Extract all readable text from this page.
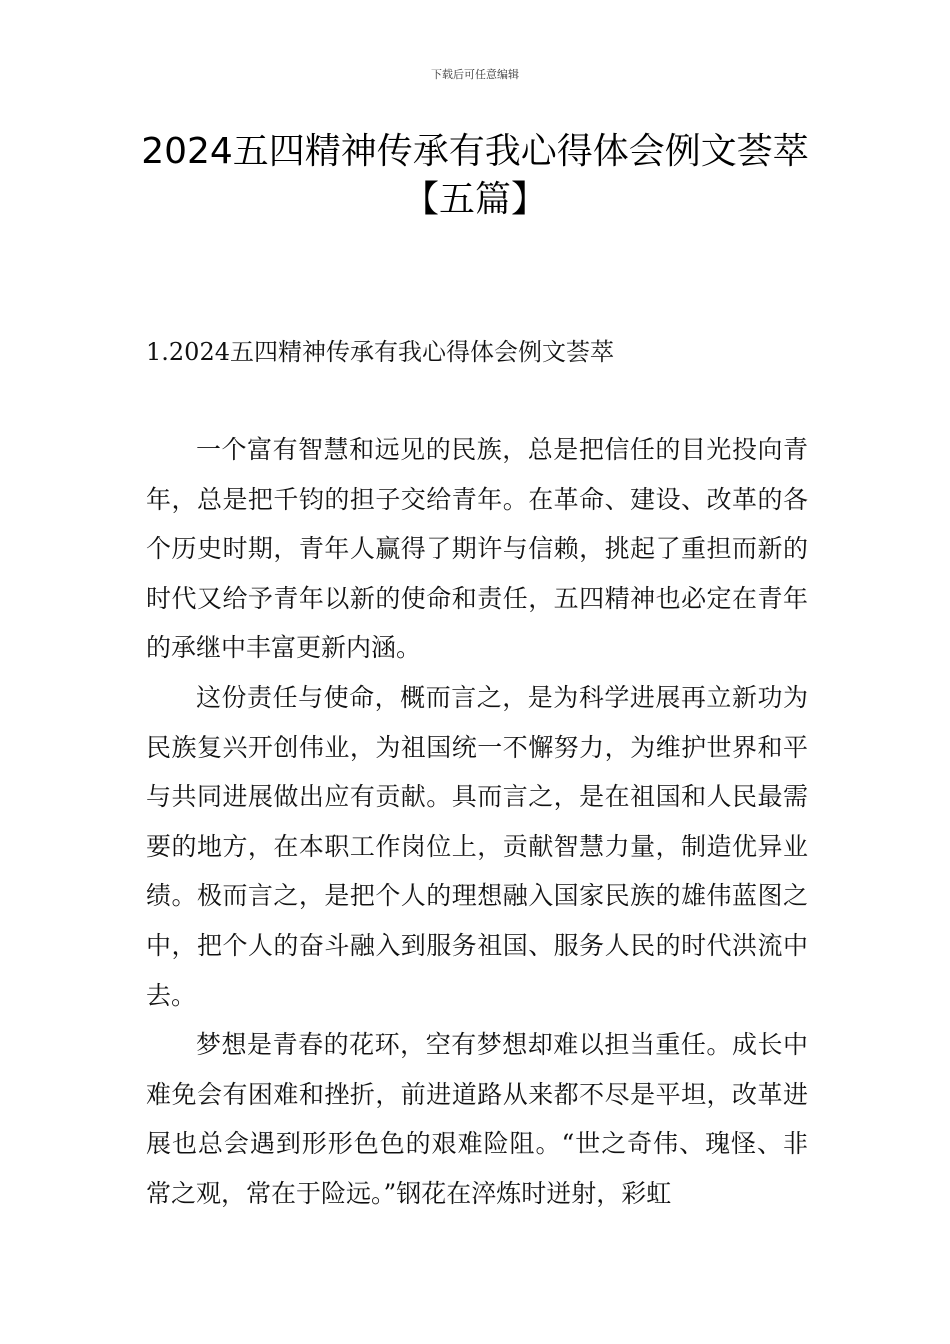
下载后可任意编辑
2024五四精神传承有我心得体会例文荟萃
【五篇】
1.2024五四精神传承有我心得体会例文荟萃

一个富有智慧和远见的民族，总是把信任的目光投向青年，总是把千钧的担子交给青年。在革命、建设、改革的各个历史时期，青年人赢得了期许与信赖，挑起了重担而新的时代又给予青年以新的使命和责任，五四精神也必定在青年的承继中丰富更新内涵。

这份责任与使命，概而言之，是为科学进展再立新功为民族复兴开创伟业，为祖国统一不懈努力，为维护世界和平与共同进展做出应有贡献。具而言之，是在祖国和人民最需要的地方，在本职工作岗位上，贡献智慧力量，制造优异业绩。极而言之，是把个人的理想融入国家民族的雄伟蓝图之中，把个人的奋斗融入到服务祖国、服务人民的时代洪流中去。

梦想是青春的花环，空有梦想却难以担当重任。成长中难免会有困难和挫折，前进道路从来都不尽是平坦，改革进展也总会遇到形形色色的艰难险阻。“世之奇伟、瑰怪、非常之观，常在于险远。”钢花在淬炼时迸射，彩虹
